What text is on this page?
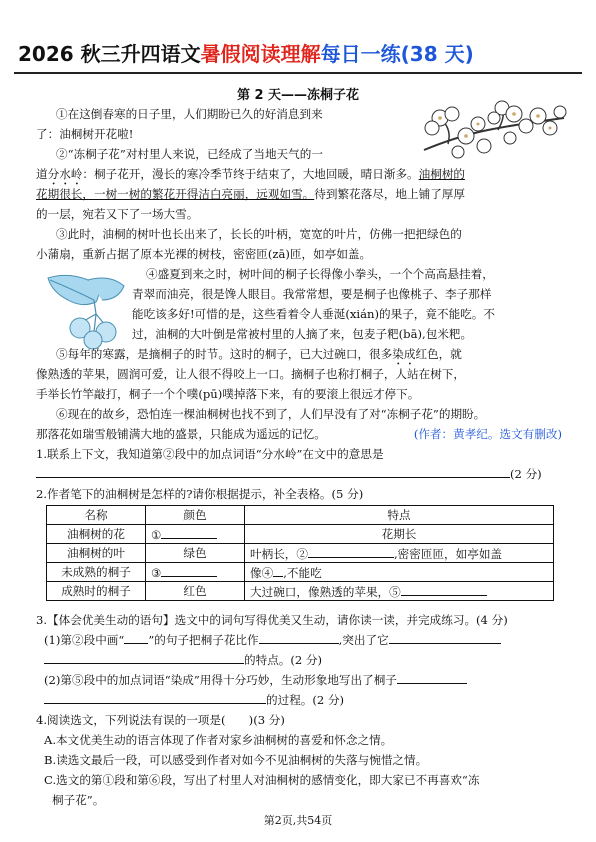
2026 秋三升四语文暑假阅读理解每日一练(38 天)
第 2 天——冻桐子花
①在这倒春寒的日子里，人们期盼已久的好消息到来
了：油桐树开花啦!
②“冻桐子花”对村里人来说，已经成了当地天气的一
道分水岭：桐子花开，漫长的寒冷季节终于结束了，大地回暖，晴日渐多。油桐树的
花期很长，一树一树的繁花开得洁白亮丽，远观如雪。待到繁花落尽，地上铺了厚厚
的一层，宛若又下了一场大雪。
③此时，油桐的树叶也长出来了，长长的叶柄，宽宽的叶片，仿佛一把把绿色的
小蒲扇，重新占据了原本光裸的树枝，密密匝(zā)匝，如亭如盖。
④盛夏到来之时，树叶间的桐子长得像小拳头，一个个高高悬挂着，
青翠而油亮，很是馋人眼目。我常常想，要是桐子也像桃子、李子那样
能吃该多好!可惜的是，这些看着令人垂涎(xián)的果子，竟不能吃。不
过，油桐的大叶倒是常被村里的人摘了来，包麦子粑(bā),包米粑。
⑤每年的寒露，是摘桐子的时节。这时的桐子，已大过碗口，很多染成红色，就
像熟透的苹果，圆润可爱，让人很不得咬上一口。摘桐子也称打桐子，人站在树下，
手举长竹竿敲打，桐子一个个噗(pū)噗掉落下来，有的要滚上很远才停下。
⑥现在的故乡，恐怕连一棵油桐树也找不到了，人们早没有了对“冻桐子花”的期盼。
那落花如瑞雪般铺满大地的盛景，只能成为遥远的记忆。	(作者：黄孝纪。选文有删改)
1.联系上下文，我知道第②段中的加点词语“分水岭”在文中的意思是
(2 分)
2.作者笔下的油桐树是怎样的?请你根据提示，补全表格。(5 分)
名称	颜色	特点
油桐树的花	①	花期长
油桐树的叶	绿色	叶柄长，② ,密密匝匝，如亭如盖
未成熟的桐子	③	像④ ,不能吃
成熟时的桐子	红色	大过碗口，像熟透的苹果，⑤
3.【体会优美生动的语句】选文中的词句写得优美又生动，请你读一读，并完成练习。(4 分)
(1)第②段中画“ ”的句子把桐子花比作	,突出了它
的特点。(2 分)
(2)第⑤段中的加点词语“染成”用得十分巧妙，生动形象地写出了桐子
的过程。(2 分)
4.阅读选文，下列说法有误的一项是(　　)(3 分)
A.本文优美生动的语言体现了作者对家乡油桐树的喜爱和怀念之情。
B.读选文最后一段，可以感受到作者对如今不见油桐树的失落与惋惜之情。
C.选文的第①段和第⑥段，写出了村里人对油桐树的感情变化，即大家已不再喜欢“冻
桐子花”。
第2页,共54页
